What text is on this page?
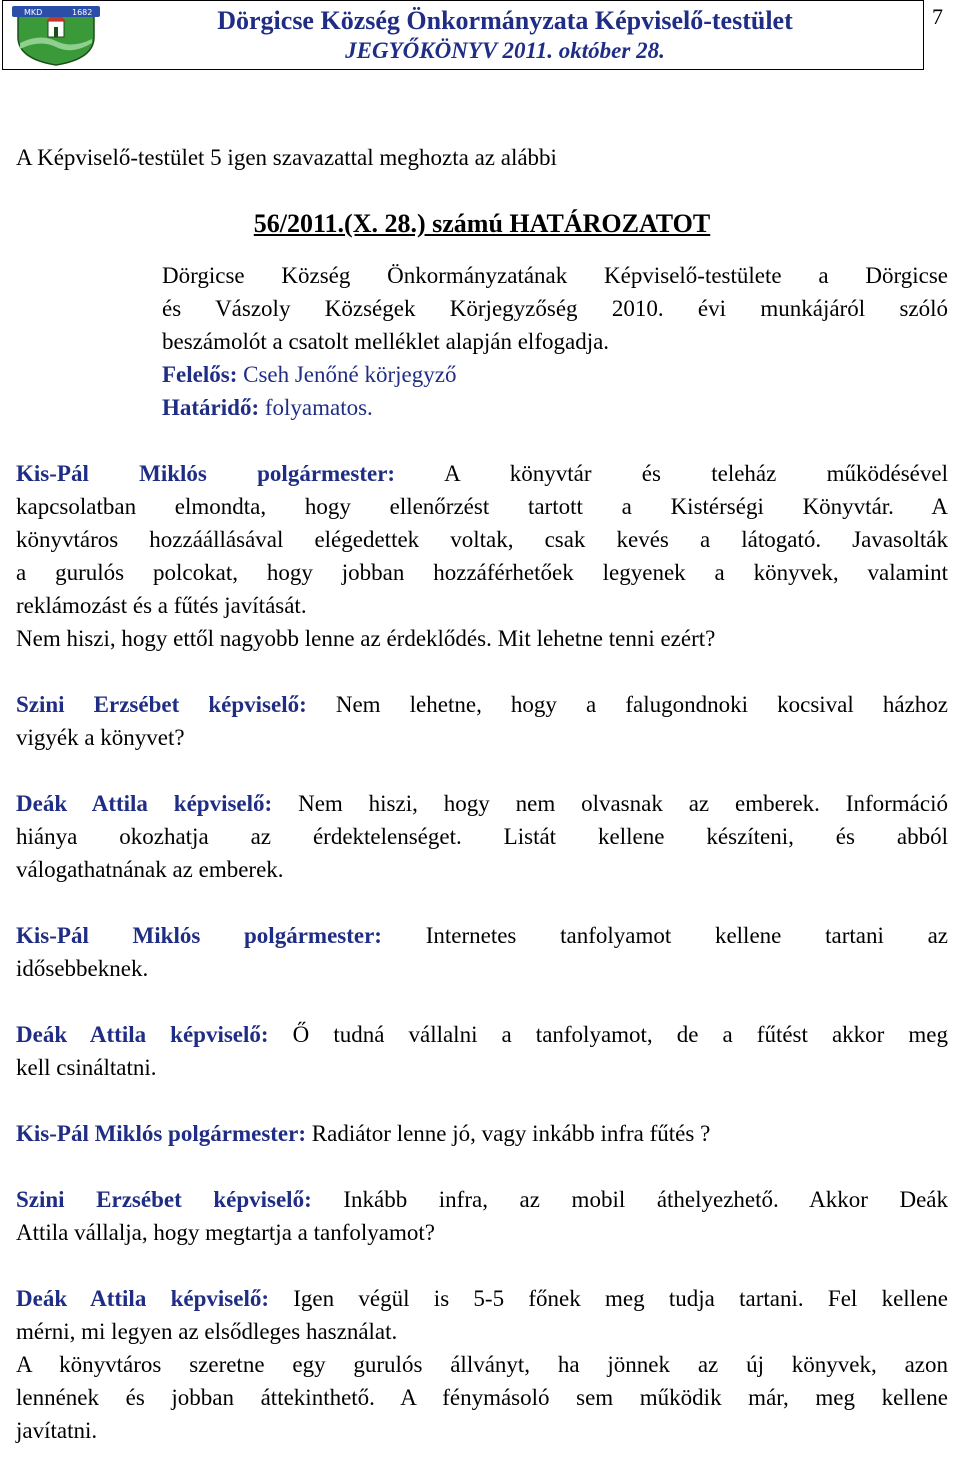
MKD	1682	Dörgicse Község Önkormányzata Képviselő-testület
JEGYŐKÖNYV 2011. október 28.
7

A Képviselő-testület 5 igen szavazattal meghozta az alábbi

56/2011.(X. 28.) számú HATÁROZATOT
Dörgicse Község Önkormányzatának Képviselő-testülete a Dörgicse
és Vászoly Községek Körjegyzőség 2010. évi munkájáról szóló
beszámolót a csatolt melléklet alapján elfogadja.
Felelős: Cseh Jenőné körjegyző
Határidő: folyamatos.
Kis-Pál Miklós polgármester: A könyvtár és teleház működésével
kapcsolatban elmondta, hogy ellenőrzést tartott a Kistérségi Könyvtár. A
könyvtáros hozzáállásával elégedettek voltak, csak kevés a látogató. Javasolták
a gurulós polcokat, hogy jobban hozzáférhetőek legyenek a könyvek, valamint
reklámozást és a fűtés javítását.
Nem hiszi, hogy ettől nagyobb lenne az érdeklődés. Mit lehetne tenni ezért?
Szini Erzsébet képviselő: Nem lehetne, hogy a falugondnoki kocsival házhoz
vigyék a könyvet?
Deák Attila képviselő: Nem hiszi, hogy nem olvasnak az emberek. Információ
hiánya okozhatja az érdektelenséget. Listát kellene készíteni, és abból
válogathatnának az emberek.
Kis-Pál Miklós polgármester: Internetes tanfolyamot kellene tartani az
idősebbeknek.
Deák Attila képviselő: Ő tudná vállalni a tanfolyamot, de a fűtést akkor meg
kell csináltatni.
Kis-Pál Miklós polgármester: Radiátor lenne jó, vagy inkább infra fűtés ?
Szini Erzsébet képviselő: Inkább infra, az mobil áthelyezhető. Akkor Deák
Attila vállalja, hogy megtartja a tanfolyamot?
Deák Attila képviselő: Igen végül is 5-5 főnek meg tudja tartani. Fel kellene
mérni, mi legyen az elsődleges használat.
A könyvtáros szeretne egy gurulós állványt, ha jönnek az új könyvek, azon
lennének és jobban áttekinthető. A fénymásoló sem működik már, meg kellene
javítatni.
